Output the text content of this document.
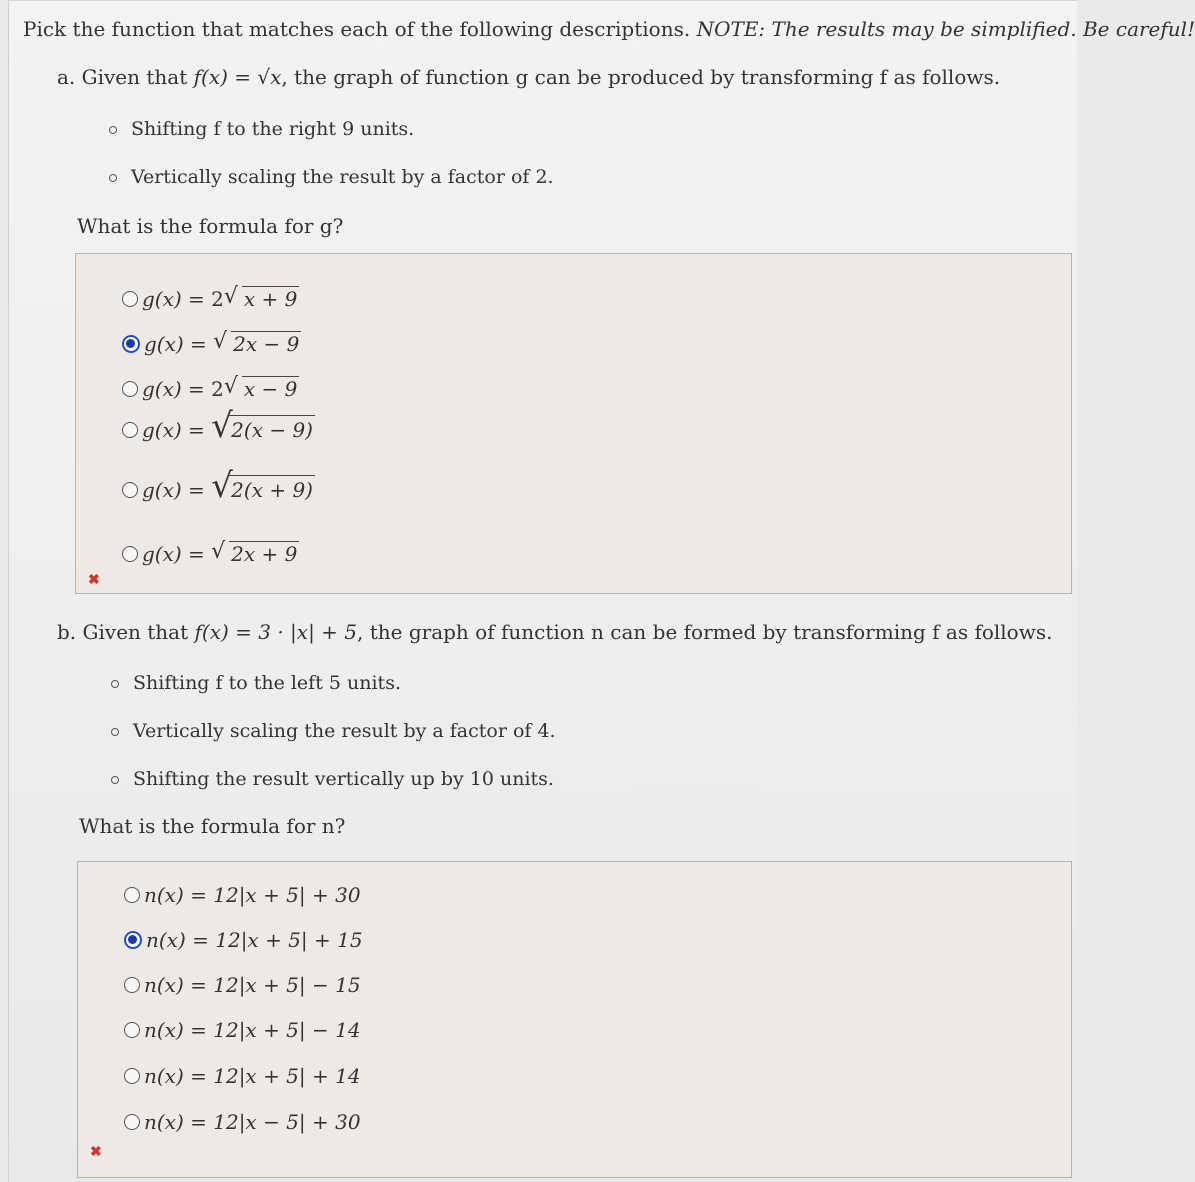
Pick the function that matches each of the following descriptions. NOTE: The results may be simplified. Be careful!
a. Given that f(x) = √x, the graph of function g can be produced by transforming f as follows.
Shifting f to the right 9 units.
Vertically scaling the result by a factor of 2.
What is the formula for g?
g(x) = 2 √ x + 9
g(x) = √ 2x − 9
g(x) = 2 √ x − 9
g(x) = √
2(x − 9)
g(x) = √
2(x + 9)
g(x) = √ 2x + 9
✖
b. Given that f(x) = 3 · |x| + 5, the graph of function n can be formed by transforming f as follows.
Shifting f to the left 5 units.
Vertically scaling the result by a factor of 4.
Shifting the result vertically up by 10 units.
What is the formula for n?
n(x) = 12|x + 5| + 30
n(x) = 12|x + 5| + 15
n(x) = 12|x + 5| − 15
n(x) = 12|x + 5| − 14
n(x) = 12|x + 5| + 14
n(x) = 12|x − 5| + 30
✖
